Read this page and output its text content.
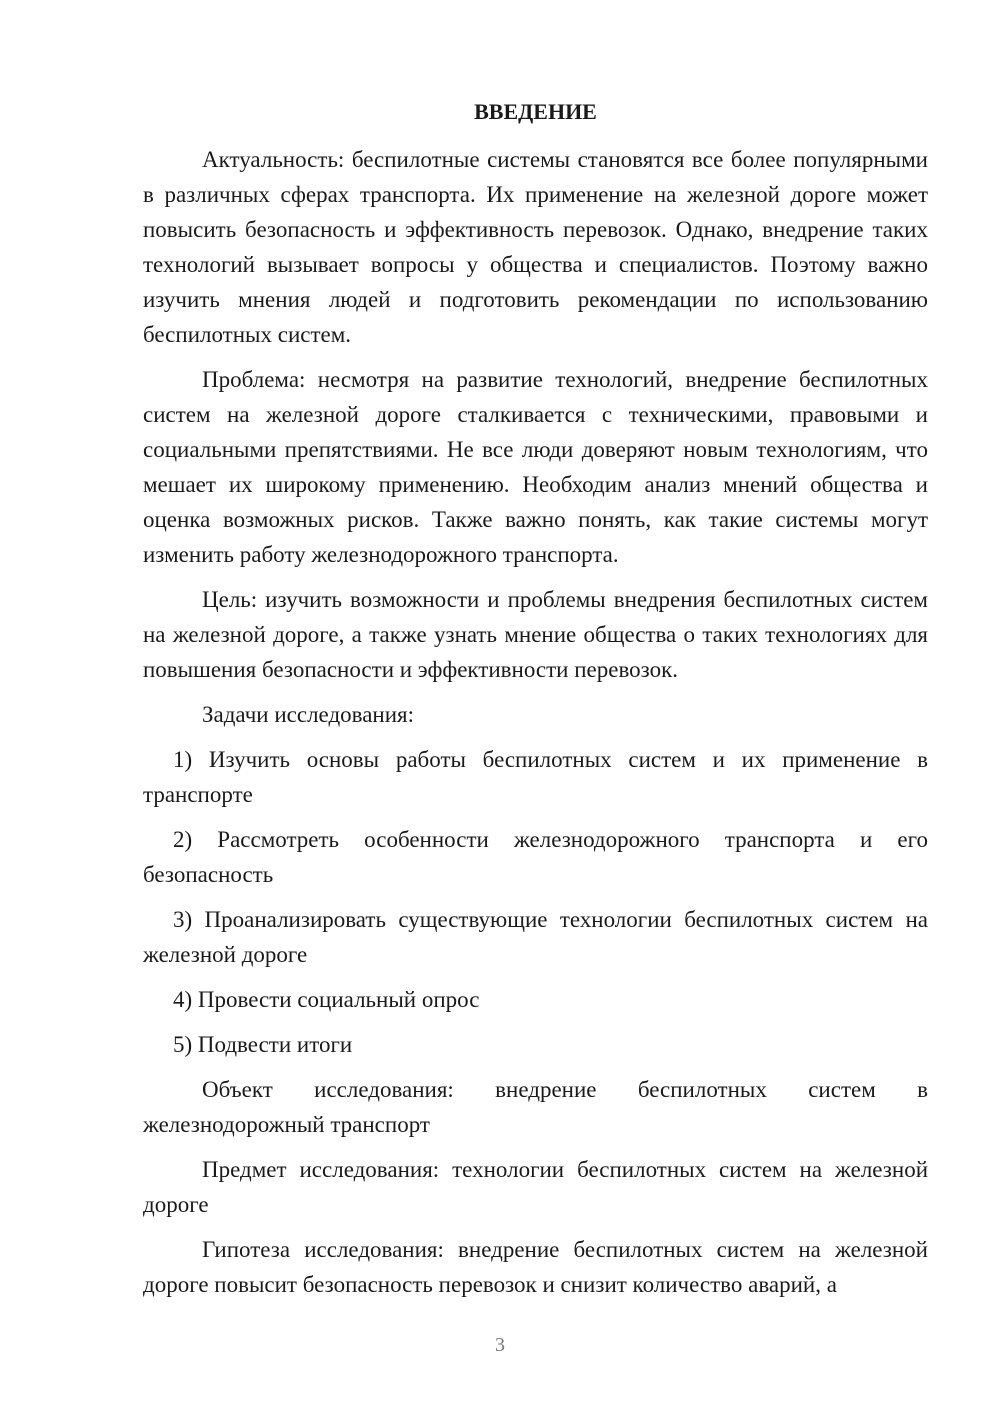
ВВЕДЕНИЕ

Актуальность: беспилотные системы становятся все более популярными в различных сферах транспорта. Их применение на железной дороге может повысить безопасность и эффективность перевозок. Однако, внедрение таких технологий вызывает вопросы у общества и специалистов. Поэтому важно изучить мнения людей и подготовить рекомендации по использованию беспилотных систем.

Проблема: несмотря на развитие технологий, внедрение беспилотных систем на железной дороге сталкивается с техническими, правовыми и социальными препятствиями. Не все люди доверяют новым технологиям, что мешает их широкому применению. Необходим анализ мнений общества и оценка возможных рисков. Также важно понять, как такие системы могут изменить работу железнодорожного транспорта.

Цель: изучить возможности и проблемы внедрения беспилотных систем на железной дороге, а также узнать мнение общества о таких технологиях для повышения безопасности и эффективности перевозок.

Задачи исследования:

1) Изучить основы работы беспилотных систем и их применение в транспорте

2) Рассмотреть особенности железнодорожного транспорта и его безопасность

3) Проанализировать существующие технологии беспилотных систем на железной дороге

4) Провести социальный опрос

5) Подвести итоги

Объект исследования: внедрение беспилотных систем в железнодорожный транспорт

Предмет исследования: технологии беспилотных систем на железной дороге

Гипотеза исследования: внедрение беспилотных систем на железной дороге повысит безопасность перевозок и снизит количество аварий, а

3
